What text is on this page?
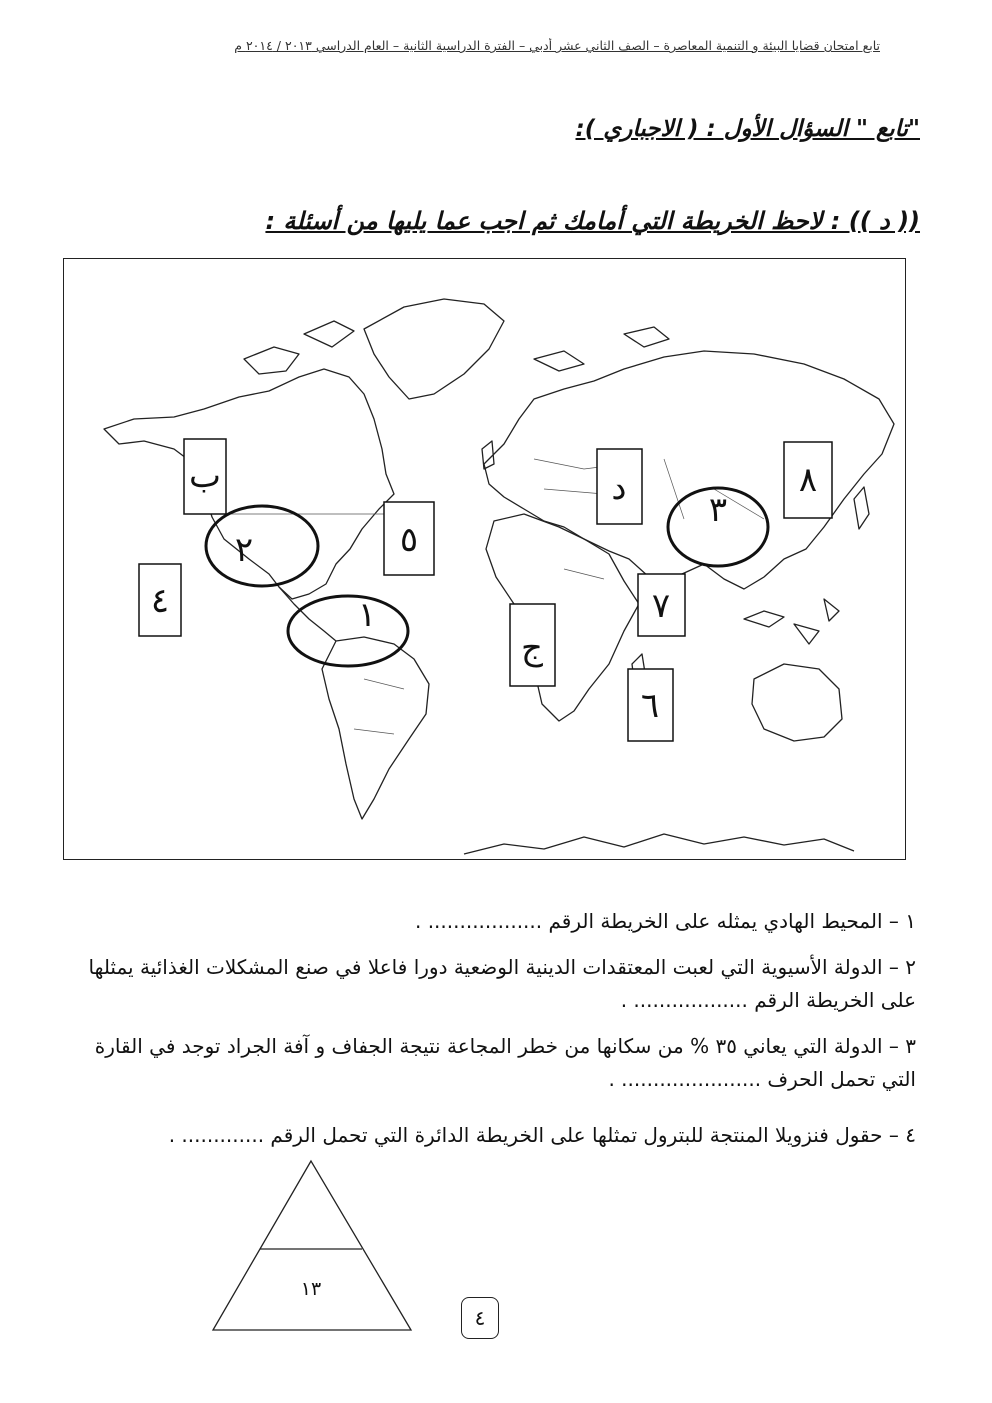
تابع امتحان قضايا البيئة و التنمية المعاصرة – الصف الثاني عشر أدبي – الفترة الدراسية الثانية – العام الدراسي ٢٠١٣ / ٢٠١٤ م
"تابع " السؤال الأول : ( الاجباري ):
(( د )) : لاحظ الخريطة التي أمامك ثم اجب عما يليها من أسئلة :
ب
٥
٤
د	٨
ج
٧
٦
٢
١
٣
١ – المحيط الهادي يمثله على الخريطة الرقم .................. .
٢ – الدولة الأسيوية التي لعبت المعتقدات الدينية الوضعية دورا فاعلا في صنع المشكلات الغذائية يمثلها على الخريطة الرقم .................. .
٣ – الدولة التي يعاني ٣٥ % من سكانها من خطر المجاعة نتيجة الجفاف و آفة الجراد توجد في القارة التي تحمل الحرف ...................... .
٤ – حقول فنزويلا المنتجة للبترول تمثلها على الخريطة الدائرة التي تحمل الرقم ............. .
١٣
٤
